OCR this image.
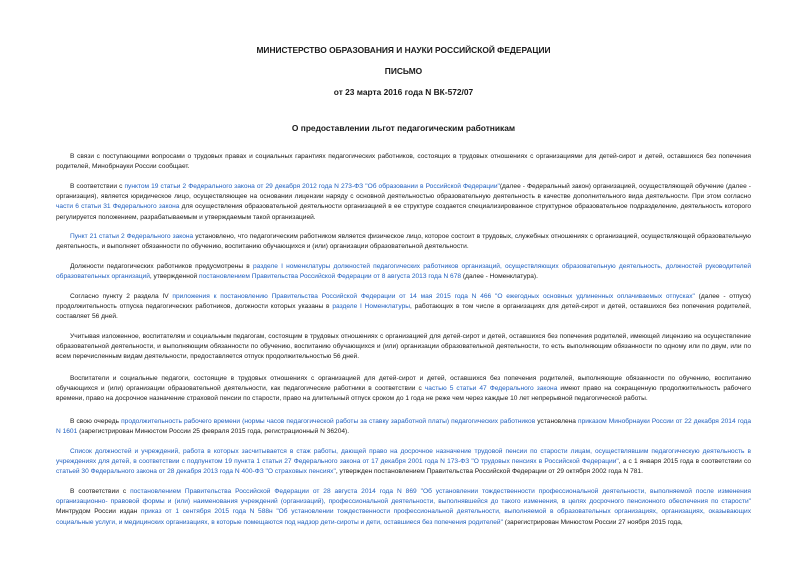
МИНИСТЕРСТВО ОБРАЗОВАНИЯ И НАУКИ РОССИЙСКОЙ ФЕДЕРАЦИИ
ПИСЬМО
от 23 марта 2016 года N ВК-572/07
О предоставлении льгот педагогическим работникам

В связи с поступающими вопросами о трудовых правах и социальных гарантиях педагогических работников, состоящих в трудовых отношениях с организациями для детей-сирот и детей, оставшихся без попечения родителей, Минобрнауки России сообщает.

В соответствии с пунктом 19 статьи 2 Федерального закона от 29 декабря 2012 года N 273-ФЗ "Об образовании в Российской Федерации"(далее - Федеральный закон) организацией, осуществляющей обучение (далее - организация), является юридическое лицо, осуществляющее на основании лицензии наряду с основной деятельностью образовательную деятельность в качестве дополнительного вида деятельности. При этом согласно части 6 статьи 31 Федерального закона для осуществления образовательной деятельности организацией в ее структуре создается специализированное структурное образовательное подразделение, деятельность которого регулируется положением, разрабатываемым и утверждаемым такой организацией.

Пункт 21 статьи 2 Федерального закона установлено, что педагогическим работником является физическое лицо, которое состоит в трудовых, служебных отношениях с организацией, осуществляющей образовательную деятельность, и выполняет обязанности по обучению, воспитанию обучающихся и (или) организации образовательной деятельности.

Должности педагогических работников предусмотрены в разделе I номенклатуры должностей педагогических работников организаций, осуществляющих образовательную деятельность, должностей руководителей образовательных организаций, утвержденной постановлением Правительства Российской Федерации от 8 августа 2013 года N 678 (далее - Номенклатура).

Согласно пункту 2 раздела IV приложения к постановлению Правительства Российской Федерации от 14 мая 2015 года N 466 "О ежегодных основных удлиненных оплачиваемых отпусках" (далее - отпуск) продолжительность отпуска педагогических работников, должности которых указаны в разделе I Номенклатуры, работающих в том числе в организациях для детей-сирот и детей, оставшихся без попечения родителей, составляет 56 дней.

Учитывая изложенное, воспитателям и социальным педагогам, состоящим в трудовых отношениях с организацией для детей-сирот и детей, оставшихся без попечения родителей, имеющей лицензию на осуществление образовательной деятельности, и выполняющим обязанности по обучению, воспитанию обучающихся и (или) организации образовательной деятельности, то есть выполняющим обязанности по одному или по двум, или по всем перечисленным видам деятельности, предоставляется отпуск продолжительностью 56 дней.

Воспитатели и социальные педагоги, состоящие в трудовых отношениях с организацией для детей-сирот и детей, оставшихся без попечения родителей, выполняющие обязанности по обучению, воспитанию обучающихся и (или) организации образовательной деятельности, как педагогические работники в соответствии с частью 5 статьи 47 Федерального закона имеют право на сокращенную продолжительность рабочего времени, право на досрочное назначение страховой пенсии по старости, право на длительный отпуск сроком до 1 года не реже чем через каждые 10 лет непрерывной педагогической работы.

В свою очередь продолжительность рабочего времени (нормы часов педагогической работы за ставку заработной платы) педагогических работников установлена приказом Минобрнауки России от 22 декабря 2014 года N 1601 (зарегистрирован Минюстом России 25 февраля 2015 года, регистрационный N 36204).

Список должностей и учреждений, работа в которых засчитывается в стаж работы, дающей право на досрочное назначение трудовой пенсии по старости лицам, осуществлявшим педагогическую деятельность в учреждениях для детей, в соответствии с подпунктом 19 пункта 1 статьи 27 Федерального закона от 17 декабря 2001 года N 173-ФЗ "О трудовых пенсиях в Российской Федерации", а с 1 января 2015 года в соответствии со статьей 30 Федерального закона от 28 декабря 2013 года N 400-ФЗ "О страховых пенсиях", утвержден постановлением Правительства Российской Федерации от 29 октября 2002 года N 781.

В соответствии с постановлением Правительства Российской Федерации от 28 августа 2014 года N 869 "Об установлении тождественности профессиональной деятельности, выполняемой после изменения организационно- правовой формы и (или) наименования учреждений (организаций), профессиональной деятельности, выполнявшейся до такого изменения, в целях досрочного пенсионного обеспечения по старости" Минтрудом России издан приказ от 1 сентября 2015 года N 588н "Об установлении тождественности профессиональной деятельности, выполняемой в образовательных организациях, организациях, оказывающих социальные услуги, и медицинских организациях, в которые помещаются под надзор дети-сироты и дети, оставшиеся без попечения родителей" (зарегистрирован Минюстом России 27 ноября 2015 года,
